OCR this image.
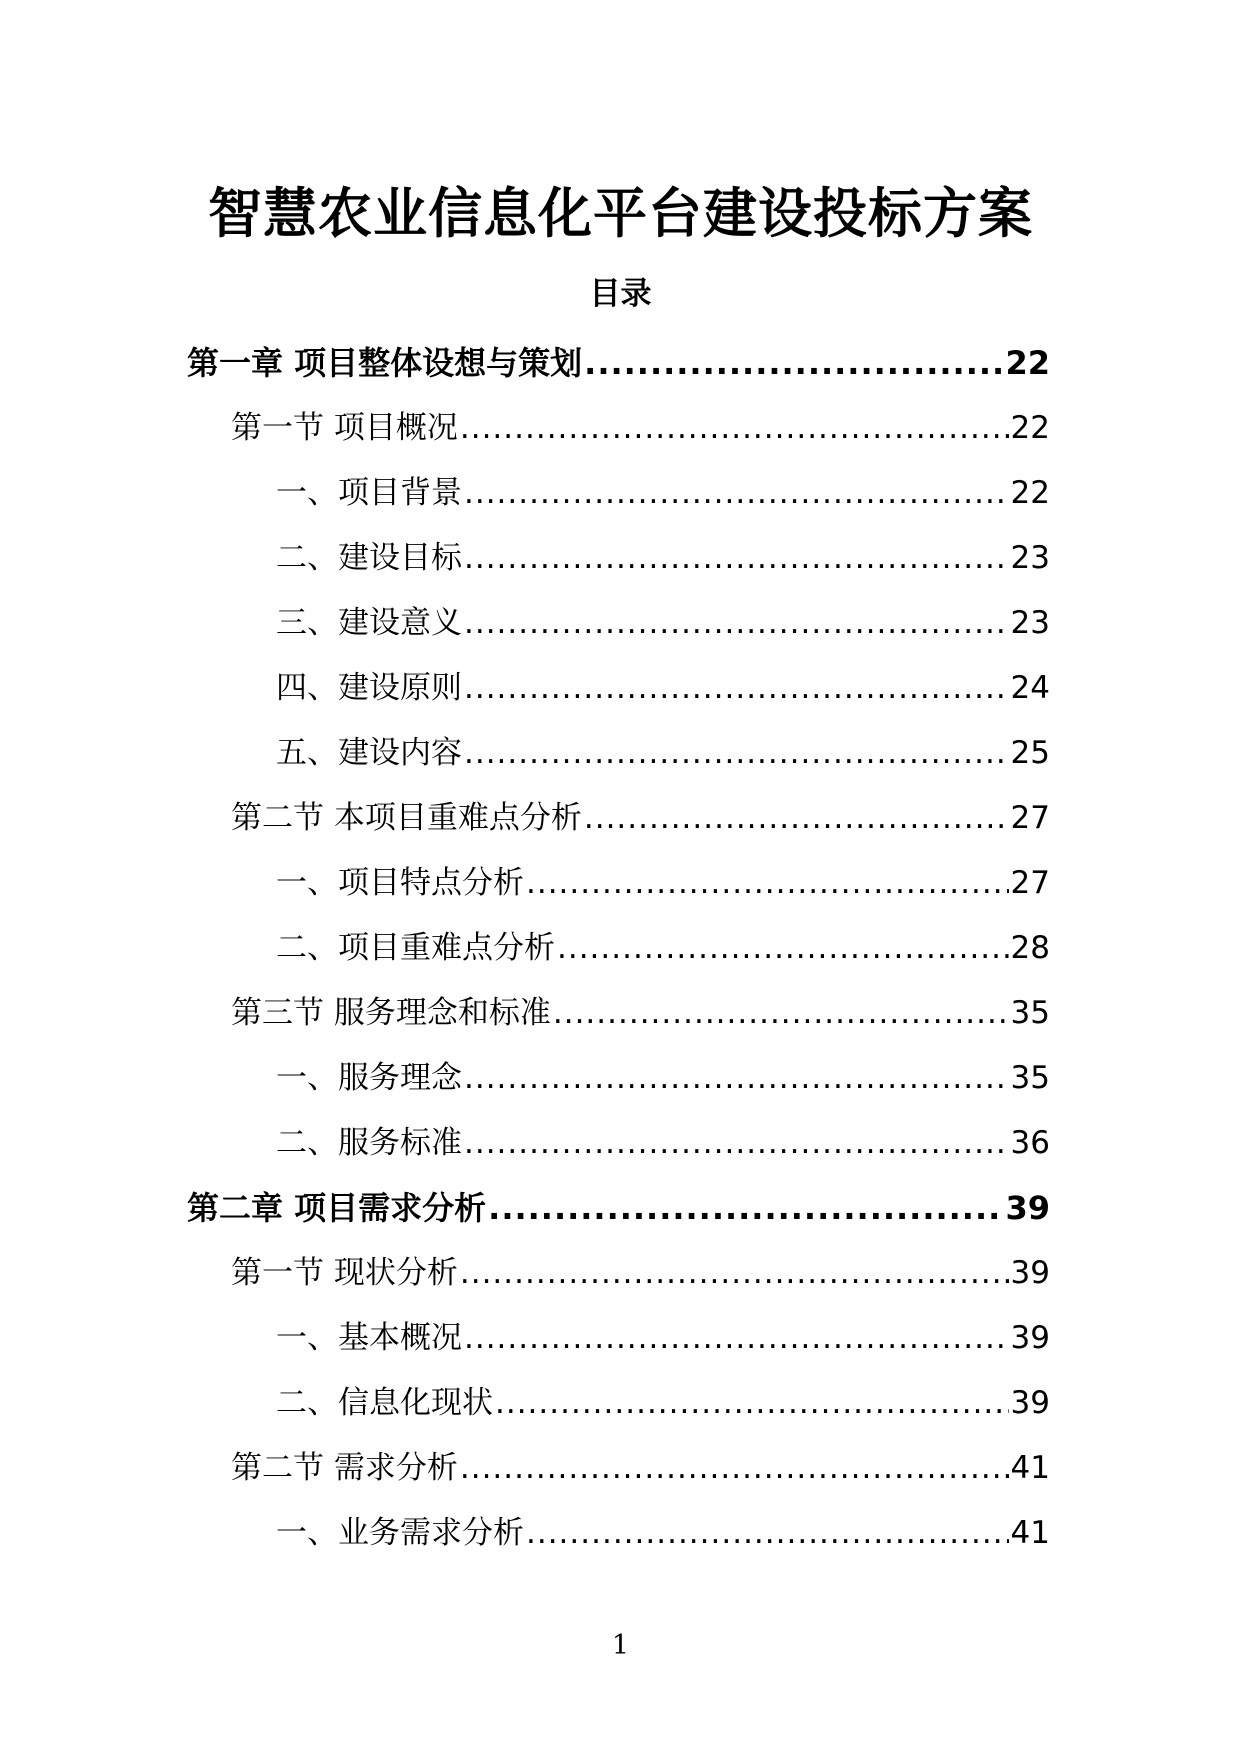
智慧农业信息化平台建设投标方案
目录
第一章 项目整体设想与策划 .....	22
第一节 项目概况 .....	22
一、项目背景 .....	22
二、建设目标 .....	23
三、建设意义 .....	23
四、建设原则 .....	24
五、建设内容 .....	25
第二节 本项目重难点分析 .....	27
一、项目特点分析 .....	27
二、项目重难点分析 .....	28
第三节 服务理念和标准 .....	35
一、服务理念 .....	35
二、服务标准 .....	36
第二章 项目需求分析 .....	39
第一节 现状分析 .....	39
一、基本概况 .....	39
二、信息化现状 .....	39
第二节 需求分析 .....	41
一、业务需求分析 .....	41
1
